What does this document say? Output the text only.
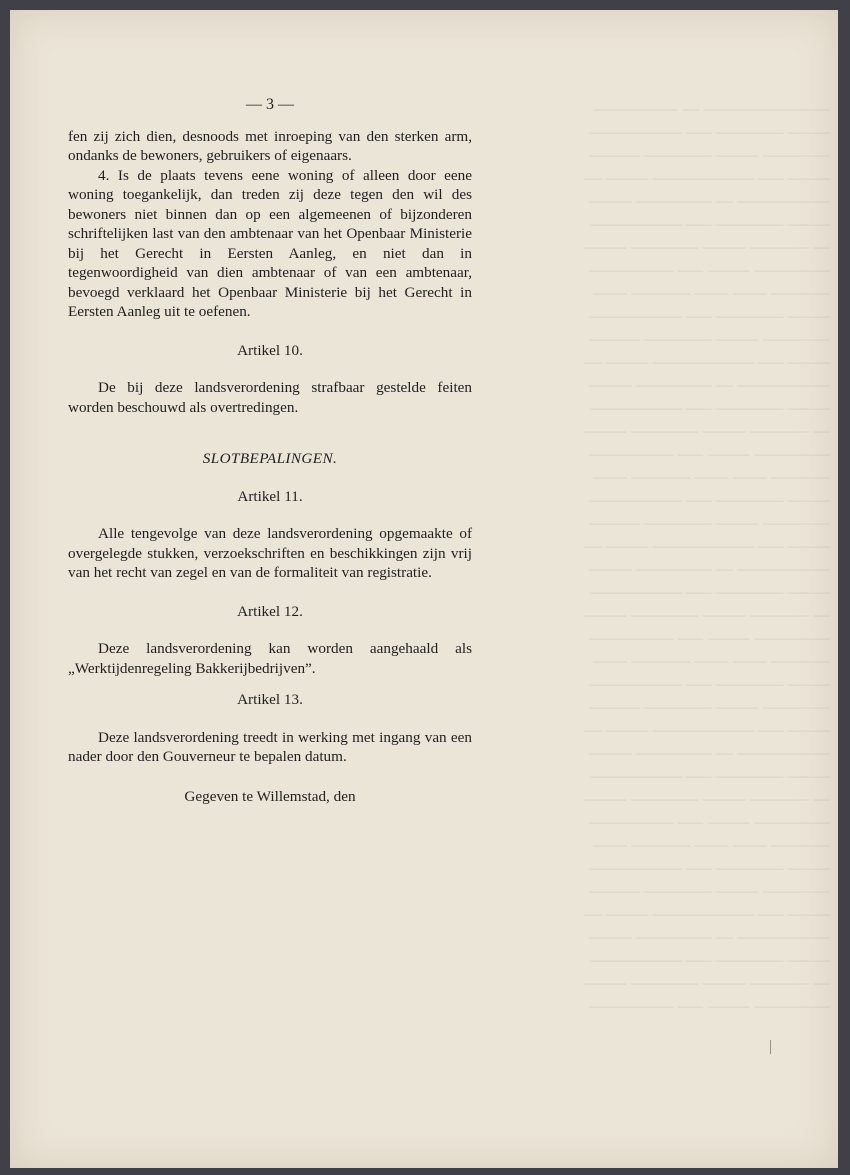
─────────────── ── ──────────
───── ──────── ─── ───────────
──────── ───── ──────── ──────
───── ─── ──────────── ───── ──
─────────── ── ───────── ─────
───── ──────── ─── ───────────
── ─────── ───── ──────── ─────
───────── ───── ─── ──────────
─────── ──── ──── ─────── ────
───── ──────── ─── ───────────
──────── ───── ──────── ──────
───── ─── ──────────── ───── ──
─────────── ── ───────── ─────
───── ──────── ─── ───────────
── ─────── ───── ──────── ─────
───────── ───── ─── ──────────
─────── ──── ──── ─────── ────
───── ──────── ─── ───────────
──────── ───── ──────── ──────
───── ─── ──────────── ───── ──
─────────── ── ───────── ─────
───── ──────── ─── ───────────
── ─────── ───── ──────── ─────
───────── ───── ─── ──────────
─────── ──── ──── ─────── ────
───── ──────── ─── ───────────
──────── ───── ──────── ──────
───── ─── ──────────── ───── ──
─────────── ── ───────── ─────
───── ──────── ─── ───────────
── ─────── ───── ──────── ─────
───────── ───── ─── ──────────
─────── ──── ──── ─────── ────
───── ──────── ─── ───────────
──────── ───── ──────── ──────
───── ─── ──────────── ───── ──
─────────── ── ───────── ─────
───── ──────── ─── ───────────
── ─────── ───── ──────── ─────
───────── ───── ─── ──────────
— 3 —

fen zij zich dien, desnoods met inroeping van den sterken arm, ondanks de bewoners, gebruikers of eigenaars.

4. Is de plaats tevens eene woning of alleen door eene woning toegankelijk, dan treden zij deze tegen den wil des bewoners niet binnen dan op een algemeenen of bijzonderen schriftelijken last van den ambtenaar van het Openbaar Ministerie bij het Gerecht in Eersten Aanleg, en niet dan in tegenwoordigheid van dien ambtenaar of van een ambtenaar, bevoegd verklaard het Openbaar Ministerie bij het Gerecht in Eersten Aanleg uit te oefenen.

Artikel 10.

De bij deze landsverordening strafbaar gestelde feiten worden beschouwd als overtredingen.

SLOTBEPALINGEN.
Artikel 11.

Alle tengevolge van deze landsverordening opgemaakte of overgelegde stukken, verzoekschriften en beschikkingen zijn vrij van het recht van zegel en van de formaliteit van registratie.

Artikel 12.

Deze landsverordening kan worden aangehaald als „Werktijdenregeling Bakkerijbedrijven”.

Artikel 13.

Deze landsverordening treedt in werking met ingang van een nader door den Gouverneur te bepalen datum.

Gegeven te Willemstad, den
